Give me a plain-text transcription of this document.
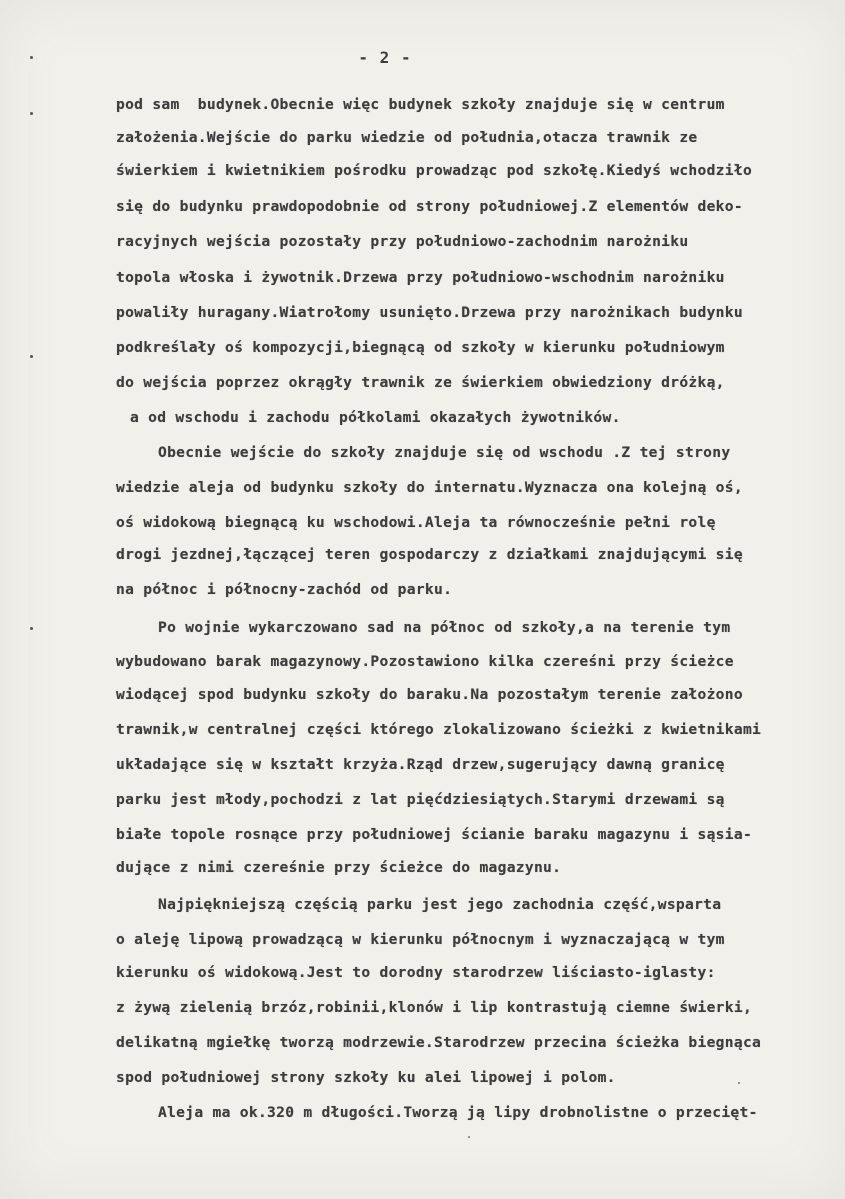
- 2 -
pod sam  budynek.Obecnie więc budynek szkoły znajduje się w centrum
założenia.Wejście do parku wiedzie od południa,otacza trawnik ze
świerkiem i kwietnikiem pośrodku prowadząc pod szkołę.Kiedyś wchodziło
się do budynku prawdopodobnie od strony południowej.Z elementów deko-
racyjnych wejścia pozostały przy południowo-zachodnim narożniku
topola włoska i żywotnik.Drzewa przy południowo-wschodnim narożniku
powaliły huragany.Wiatrołomy usunięto.Drzewa przy narożnikach budynku
podkreślały oś kompozycji,biegnącą od szkoły w kierunku południowym
do wejścia poprzez okrągły trawnik ze świerkiem obwiedziony dróżką,
a od wschodu i zachodu półkolami okazałych żywotników.
Obecnie wejście do szkoły znajduje się od wschodu .Z tej strony
wiedzie aleja od budynku szkoły do internatu.Wyznacza ona kolejną oś,
oś widokową biegnącą ku wschodowi.Aleja ta równocześnie pełni rolę
drogi jezdnej,łączącej teren gospodarczy z działkami znajdującymi się
na północ i północny-zachód od parku.
Po wojnie wykarczowano sad na północ od szkoły,a na terenie tym
wybudowano barak magazynowy.Pozostawiono kilka czereśni przy ścieżce
wiodącej spod budynku szkoły do baraku.Na pozostałym terenie założono
trawnik,w centralnej części którego zlokalizowano ścieżki z kwietnikami
układające się w kształt krzyża.Rząd drzew,sugerujący dawną granicę
parku jest młody,pochodzi z lat pięćdziesiątych.Starymi drzewami są
białe topole rosnące przy południowej ścianie baraku magazynu i sąsia-
dujące z nimi czereśnie przy ścieżce do magazynu.
Najpiękniejszą częścią parku jest jego zachodnia część,wsparta
o aleję lipową prowadzącą w kierunku północnym i wyznaczającą w tym
kierunku oś widokową.Jest to dorodny starodrzew liściasto-iglasty:
z żywą zielenią brzóz,robinii,klonów i lip kontrastują ciemne świerki,
delikatną mgiełkę tworzą modrzewie.Starodrzew przecina ścieżka biegnąca
spod południowej strony szkoły ku alei lipowej i polom.
Aleja ma ok.320 m długości.Tworzą ją lipy drobnolistne o przecięt-
